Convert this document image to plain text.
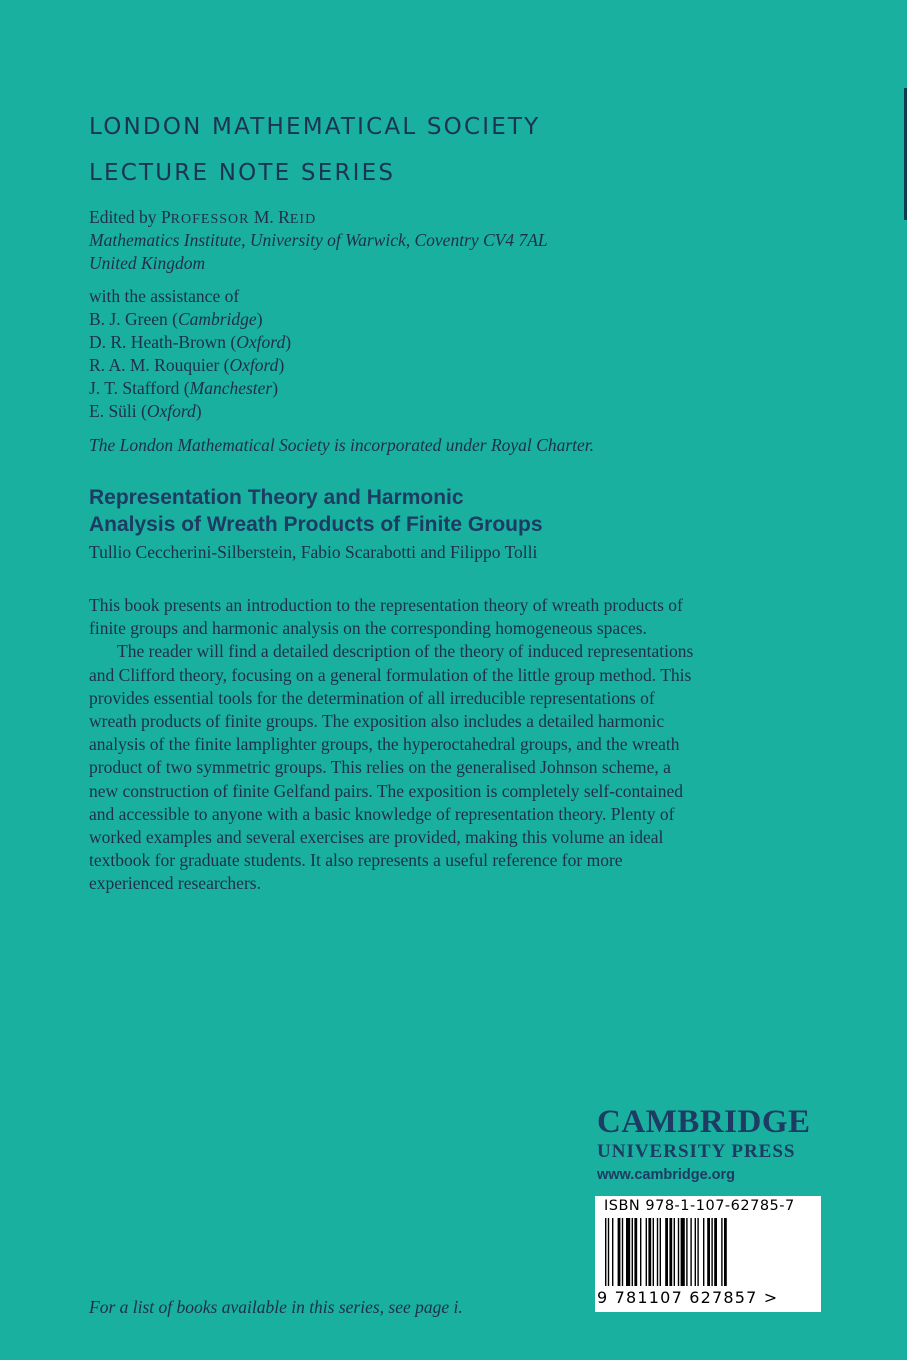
LONDON MATHEMATICAL SOCIETY
LECTURE NOTE SERIES
Edited by PROFESSOR M. REID
Mathematics Institute, University of Warwick, Coventry CV4 7AL
United Kingdom
with the assistance of
B. J. Green (Cambridge)
D. R. Heath-Brown (Oxford)
R. A. M. Rouquier (Oxford)
J. T. Stafford (Manchester)
E. Süli (Oxford)
The London Mathematical Society is incorporated under Royal Charter.
Representation Theory and Harmonic
Analysis of Wreath Products of Finite Groups
Tullio Ceccherini-Silberstein, Fabio Scarabotti and Filippo Tolli

This book presents an introduction to the representation theory of wreath products of finite groups and harmonic analysis on the corresponding homogeneous spaces.

The reader will find a detailed description of the theory of induced representations and Clifford theory, focusing on a general formulation of the little group method. This provides essential tools for the determination of all irreducible representations of wreath products of finite groups. The exposition also includes a detailed harmonic analysis of the finite lamplighter groups, the hyperoctahedral groups, and the wreath product of two symmetric groups. This relies on the generalised Johnson scheme, a new construction of finite Gelfand pairs. The exposition is completely self-contained and accessible to anyone with a basic knowledge of representation theory. Plenty of worked examples and several exercises are provided, making this volume an ideal textbook for graduate students. It also represents a useful reference for more experienced researchers.

CAMBRIDGE
UNIVERSITY PRESS
www.cambridge.org
ISBN 978-1-107-62785-7
9 781107 627857 >
For a list of books available in this series, see page i.
